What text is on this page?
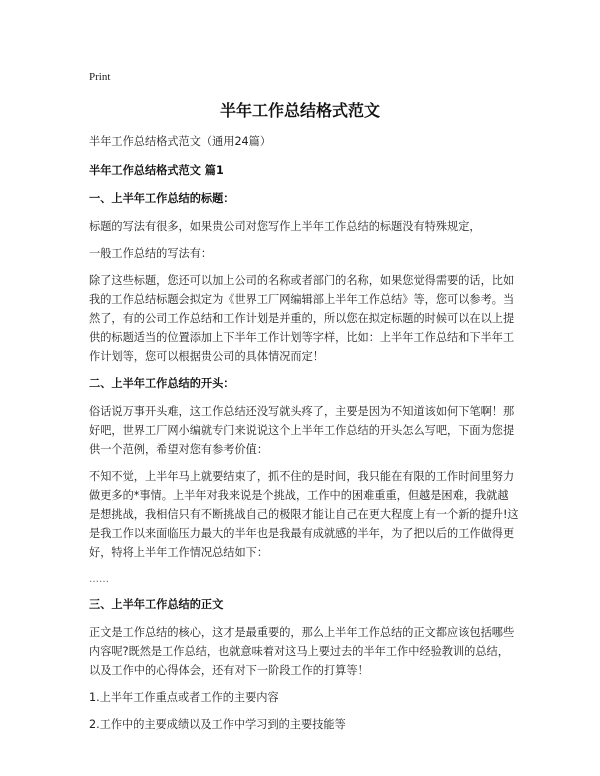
Print
半年工作总结格式范文

半年工作总结格式范文（通用24篇）

半年工作总结格式范文 篇1

一、上半年工作总结的标题：

标题的写法有很多，如果贵公司对您写作上半年工作总结的标题没有特殊规定，

一般工作总结的写法有：

除了这些标题，您还可以加上公司的名称或者部门的名称，如果您觉得需要的话，比如我的工作总结标题会拟定为《世界工厂网编辑部上半年工作总结》等，您可以参考。当然了，有的公司工作总结和工作计划是并重的，所以您在拟定标题的时候可以在以上提供的标题适当的位置添加上下半年工作计划等字样，比如：上半年工作总结和下半年工作计划等，您可以根据贵公司的具体情况而定！

二、上半年工作总结的开头：

俗话说万事开头难，这工作总结还没写就头疼了，主要是因为不知道该如何下笔啊！那好吧，世界工厂网小编就专门来说说这个上半年工作总结的开头怎么写吧，下面为您提供一个范例，希望对您有参考价值：

不知不觉，上半年马上就要结束了，抓不住的是时间，我只能在有限的工作时间里努力做更多的*事情。上半年对我来说是个挑战，工作中的困难重重，但越是困难，我就越是想挑战，我相信只有不断挑战自己的极限才能让自己在更大程度上有一个新的提升!这是我工作以来面临压力最大的半年也是我最有成就感的半年，为了把以后的工作做得更好，特将上半年工作情况总结如下：

……

三、上半年工作总结的正文

正文是工作总结的核心，这才是最重要的，那么上半年工作总结的正文都应该包括哪些内容呢?既然是工作总结，也就意味着对这马上要过去的半年工作中经验教训的总结，以及工作中的心得体会，还有对下一阶段工作的打算等！

1.上半年工作重点或者工作的主要内容

2.工作中的主要成绩以及工作中学习到的主要技能等
